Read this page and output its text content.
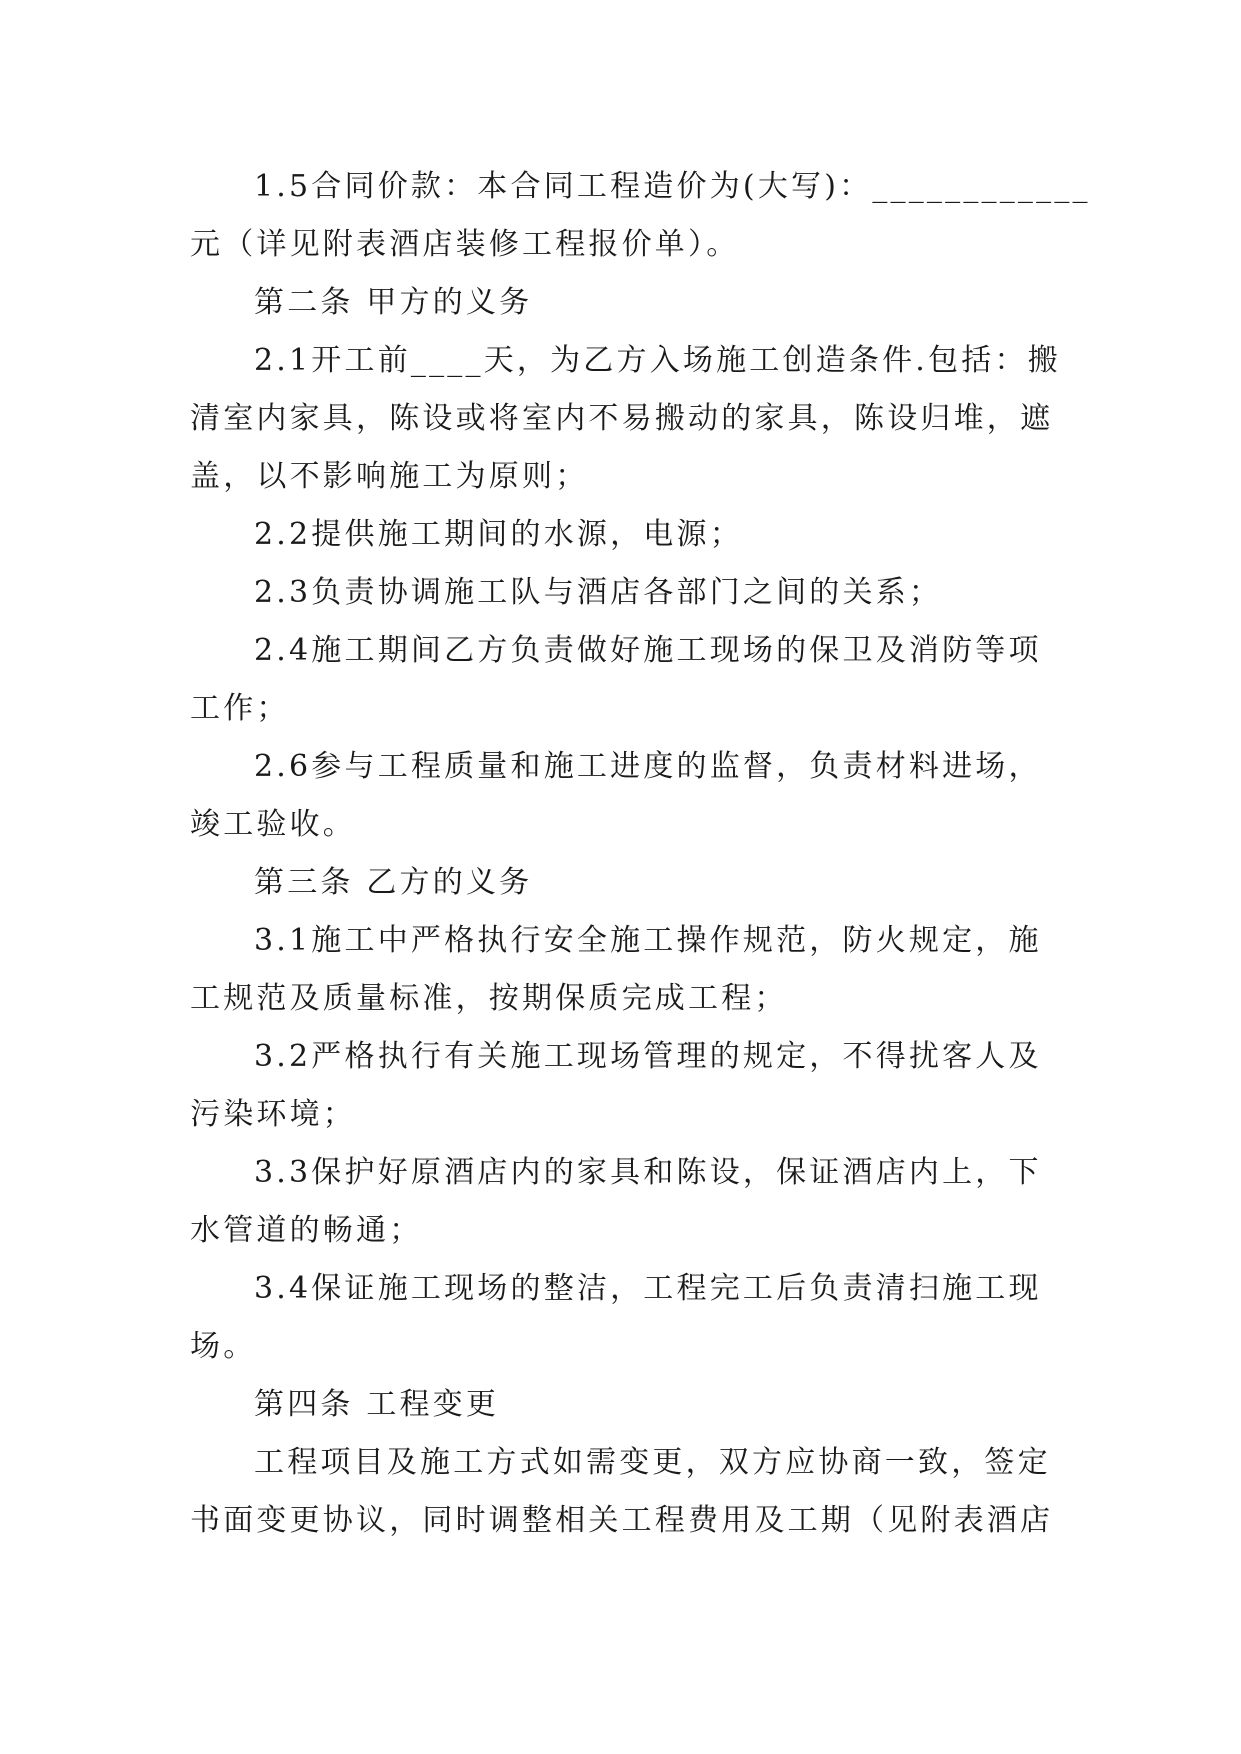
1.5合同价款：本合同工程造价为(大写)：____________
元（详见附表酒店装修工程报价单）。
第二条 甲方的义务
2.1开工前____天，为乙方入场施工创造条件.包括：搬
清室内家具，陈设或将室内不易搬动的家具，陈设归堆，遮
盖，以不影响施工为原则；
2.2提供施工期间的水源，电源；
2.3负责协调施工队与酒店各部门之间的关系；
2.4施工期间乙方负责做好施工现场的保卫及消防等项
工作；
2.6参与工程质量和施工进度的监督，负责材料进场，
竣工验收。
第三条 乙方的义务
3.1施工中严格执行安全施工操作规范，防火规定，施
工规范及质量标准，按期保质完成工程；
3.2严格执行有关施工现场管理的规定，不得扰客人及
污染环境；
3.3保护好原酒店内的家具和陈设，保证酒店内上，下
水管道的畅通；
3.4保证施工现场的整洁，工程完工后负责清扫施工现
场。
第四条 工程变更
工程项目及施工方式如需变更，双方应协商一致，签定
书面变更协议，同时调整相关工程费用及工期（见附表酒店
